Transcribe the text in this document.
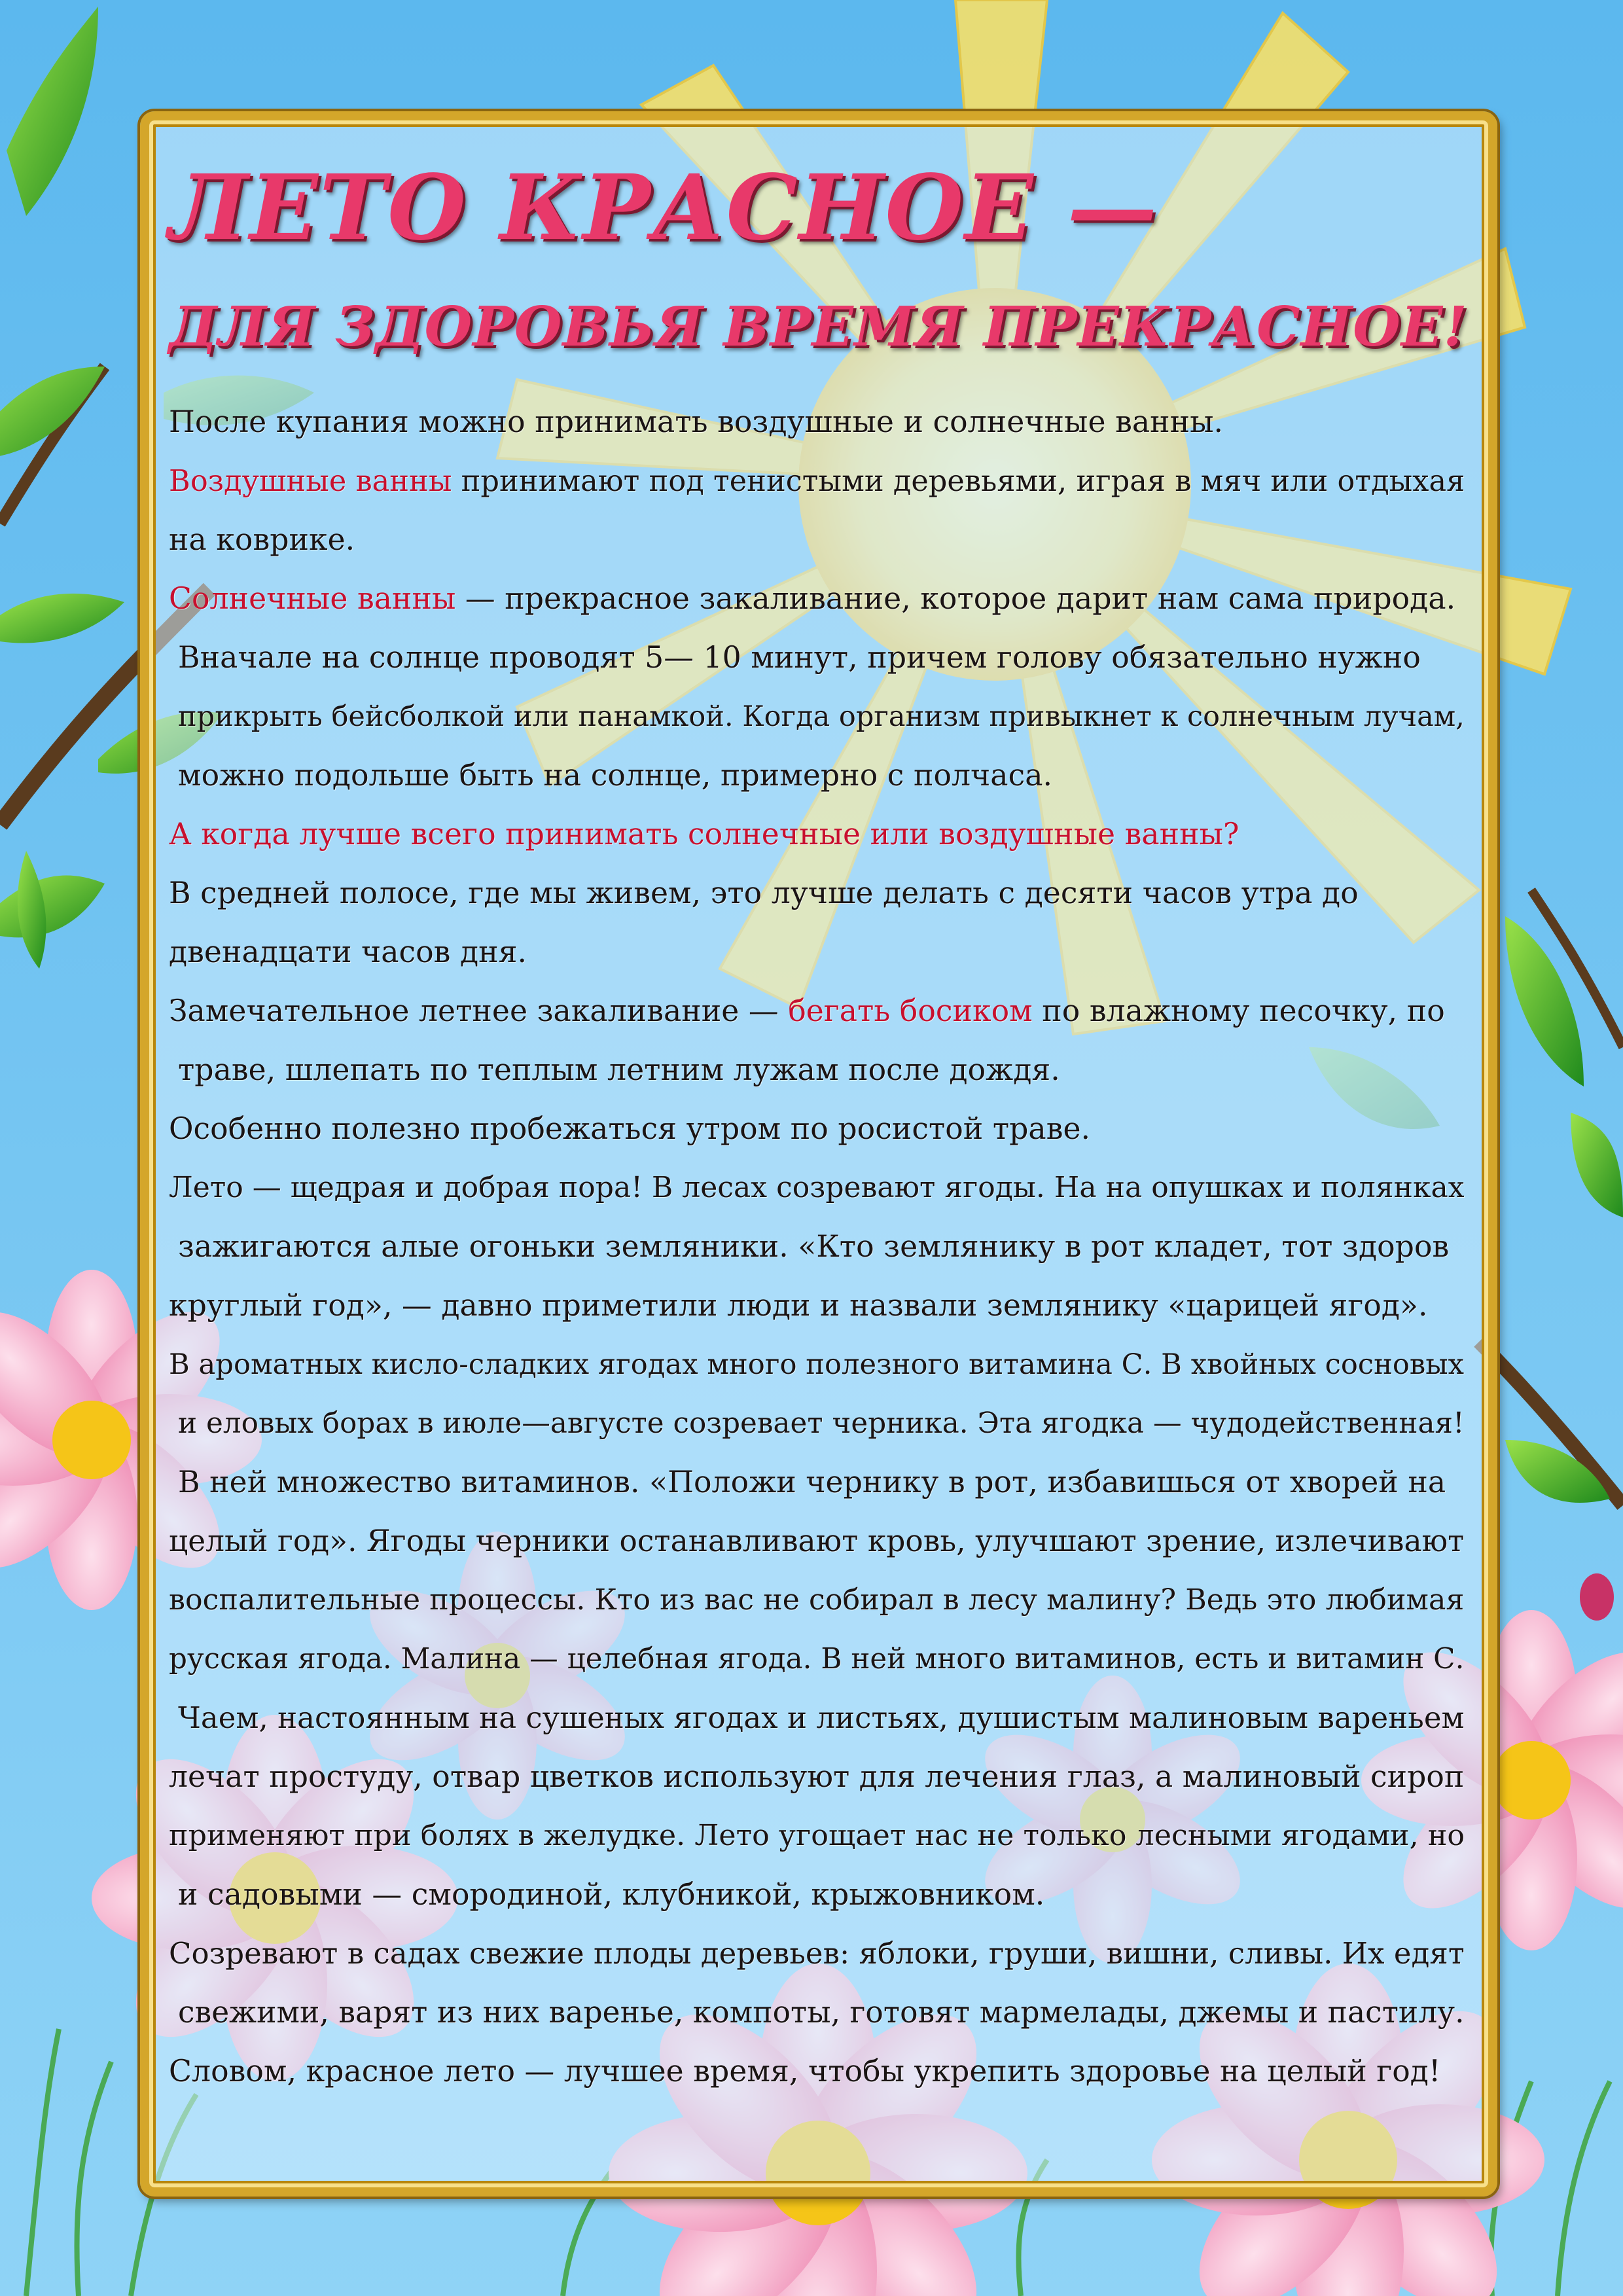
ЛЕТО КРАСНОЕ —
ДЛЯ ЗДОРОВЬЯ ВРЕМЯ ПРЕКРАСНОЕ!
После купания можно принимать воздушные и солнечные ванны.
Воздушные ванны принимают под тенистыми деревьями, играя в мяч или отдыхая
на коврике.
Солнечные ванны — прекрасное закаливание, которое дарит нам сама природа.
Вначале на солнце проводят 5— 10 минут, причем голову обязательно нужно
прикрыть бейсболкой или панамкой. Когда организм привыкнет к солнечным лучам,
можно подольше быть на солнце, примерно с полчаса.
А когда лучше всего принимать солнечные или воздушные ванны?
В средней полосе, где мы живем, это лучше делать с десяти часов утра до
двенадцати часов дня.
Замечательное летнее закаливание — бегать босиком по влажному песочку, по
траве, шлепать по теплым летним лужам после дождя.
Особенно полезно пробежаться утром по росистой траве.
Лето — щедрая и добрая пора! В лесах созревают ягоды. На на опушках и полянках
зажигаются алые огоньки земляники. «Кто землянику в рот кладет, тот здоров
круглый год», — давно приметили люди и назвали землянику «царицей ягод».
В ароматных кисло-сладких ягодах много полезного витамина С. В хвойных сосновых
и еловых борах в июле—августе созревает черника. Эта ягодка — чудодейственная!
В ней множество витаминов. «Положи чернику в рот, избавишься от хворей на
целый год». Ягоды черники останавливают кровь, улучшают зрение, излечивают
воспалительные процессы. Кто из вас не собирал в лесу малину? Ведь это любимая
русская ягода. Малина — целебная ягода. В ней много витаминов, есть и витамин С.
Чаем, настоянным на сушеных ягодах и листьях, душистым малиновым вареньем
лечат простуду, отвар цветков используют для лечения глаз, а малиновый сироп
применяют при болях в желудке. Лето угощает нас не только лесными ягодами, но
и садовыми — смородиной, клубникой, крыжовником.
Созревают в садах свежие плоды деревьев: яблоки, груши, вишни, сливы. Их едят
свежими, варят из них варенье, компоты, готовят мармелады, джемы и пастилу.
Словом, красное лето — лучшее время, чтобы укрепить здоровье на целый год!
